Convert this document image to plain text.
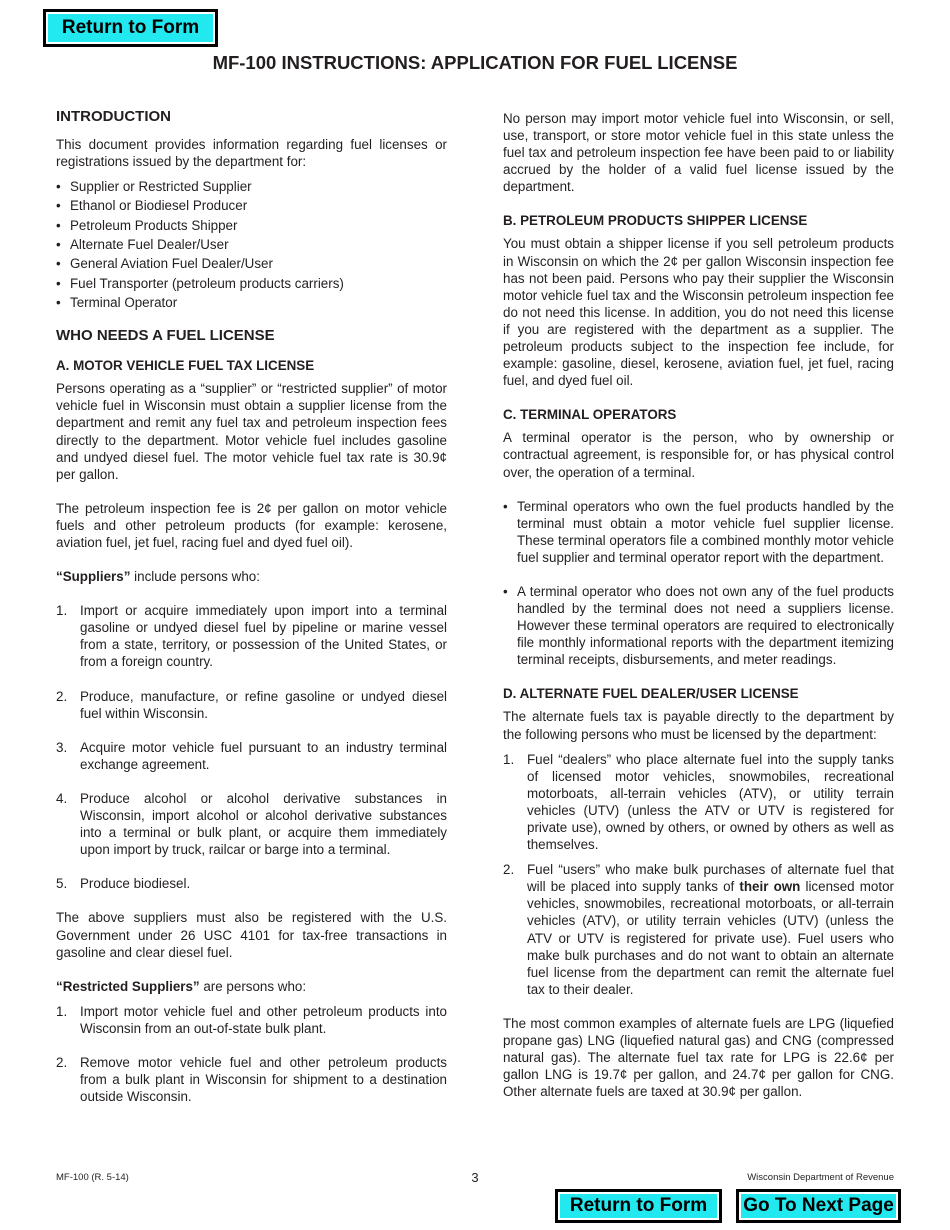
Return to Form
MF-100 INSTRUCTIONS: APPLICATION FOR FUEL LICENSE
INTRODUCTION

This document provides information regarding fuel licenses or registrations issued by the department for:

• Supplier or Restricted Supplier
• Ethanol or Biodiesel Producer
• Petroleum Products Shipper
• Alternate Fuel Dealer/User
• General Aviation Fuel Dealer/User
• Fuel Transporter (petroleum products carriers)
• Terminal Operator
WHO NEEDS A FUEL LICENSE
A. MOTOR VEHICLE FUEL TAX LICENSE

Persons operating as a “supplier” or “restricted supplier” of motor vehicle fuel in Wisconsin must obtain a supplier license from the department and remit any fuel tax and petroleum inspection fees directly to the department. Motor vehicle fuel includes gasoline and undyed diesel fuel. The motor vehicle fuel tax rate is 30.9¢ per gallon.

The petroleum inspection fee is 2¢ per gallon on motor vehicle fuels and other petroleum products (for example: kerosene, aviation fuel, jet fuel, racing fuel and dyed fuel oil).

“Suppliers” include persons who:

1. Import or acquire immediately upon import into a terminal gasoline or undyed diesel fuel by pipeline or marine vessel from a state, territory, or possession of the United States, or from a foreign country.
2. Produce, manufacture, or refine gasoline or undyed diesel fuel within Wisconsin.
3. Acquire motor vehicle fuel pursuant to an industry terminal exchange agreement.
4. Produce alcohol or alcohol derivative substances in Wisconsin, import alcohol or alcohol derivative substances into a terminal or bulk plant, or acquire them immediately upon import by truck, railcar or barge into a terminal.
5. Produce biodiesel.

The above suppliers must also be registered with the U.S. Government under 26 USC 4101 for tax-free transactions in gasoline and clear diesel fuel.

“Restricted Suppliers” are persons who:

1. Import motor vehicle fuel and other petroleum products into Wisconsin from an out-of-state bulk plant.
2. Remove motor vehicle fuel and other petroleum products from a bulk plant in Wisconsin for shipment to a destination outside Wisconsin.

No person may import motor vehicle fuel into Wisconsin, or sell, use, transport, or store motor vehicle fuel in this state unless the fuel tax and petroleum inspection fee have been paid to or liability accrued by the holder of a valid fuel license issued by the department.

B. PETROLEUM PRODUCTS SHIPPER LICENSE

You must obtain a shipper license if you sell petroleum products in Wisconsin on which the 2¢ per gallon Wisconsin inspection fee has not been paid. Persons who pay their supplier the Wisconsin motor vehicle fuel tax and the Wisconsin petroleum inspection fee do not need this license. In addition, you do not need this license if you are registered with the department as a supplier. The petroleum products subject to the inspection fee include, for example: gasoline, diesel, kerosene, aviation fuel, jet fuel, racing fuel, and dyed fuel oil.

C. TERMINAL OPERATORS

A terminal operator is the person, who by ownership or contractual agreement, is responsible for, or has physical control over, the operation of a terminal.

• Terminal operators who own the fuel products handled by the terminal must obtain a motor vehicle fuel supplier license. These terminal operators file a combined monthly motor vehicle fuel supplier and terminal operator report with the department.
• A terminal operator who does not own any of the fuel products handled by the terminal does not need a suppliers license. However these terminal operators are required to electronically file monthly informational reports with the department itemizing terminal receipts, disbursements, and meter readings.
D. ALTERNATE FUEL DEALER/USER LICENSE

The alternate fuels tax is payable directly to the department by the following persons who must be licensed by the department:

1. Fuel “dealers” who place alternate fuel into the supply tanks of licensed motor vehicles, snowmobiles, recreational motorboats, all-terrain vehicles (ATV), or utility terrain vehicles (UTV) (unless the ATV or UTV is registered for private use), owned by others, or owned by others as well as themselves.
2. Fuel “users” who make bulk purchases of alternate fuel that will be placed into supply tanks of their own licensed motor vehicles, snowmobiles, recreational motorboats, or all-terrain vehicles (ATV), or utility terrain vehicles (UTV) (unless the ATV or UTV is registered for private use). Fuel users who make bulk purchases and do not want to obtain an alternate fuel license from the department can remit the alternate fuel tax to their dealer.

The most common examples of alternate fuels are LPG (liquefied propane gas) LNG (liquefied natural gas) and CNG (compressed natural gas). The alternate fuel tax rate for LPG is 22.6¢ per gallon LNG is 19.7¢ per gallon, and 24.7¢ per gallon for CNG. Other alternate fuels are taxed at 30.9¢ per gallon.

MF-100 (R. 5-14)	3	Wisconsin Department of Revenue
Return to Form	Go To Next Page
